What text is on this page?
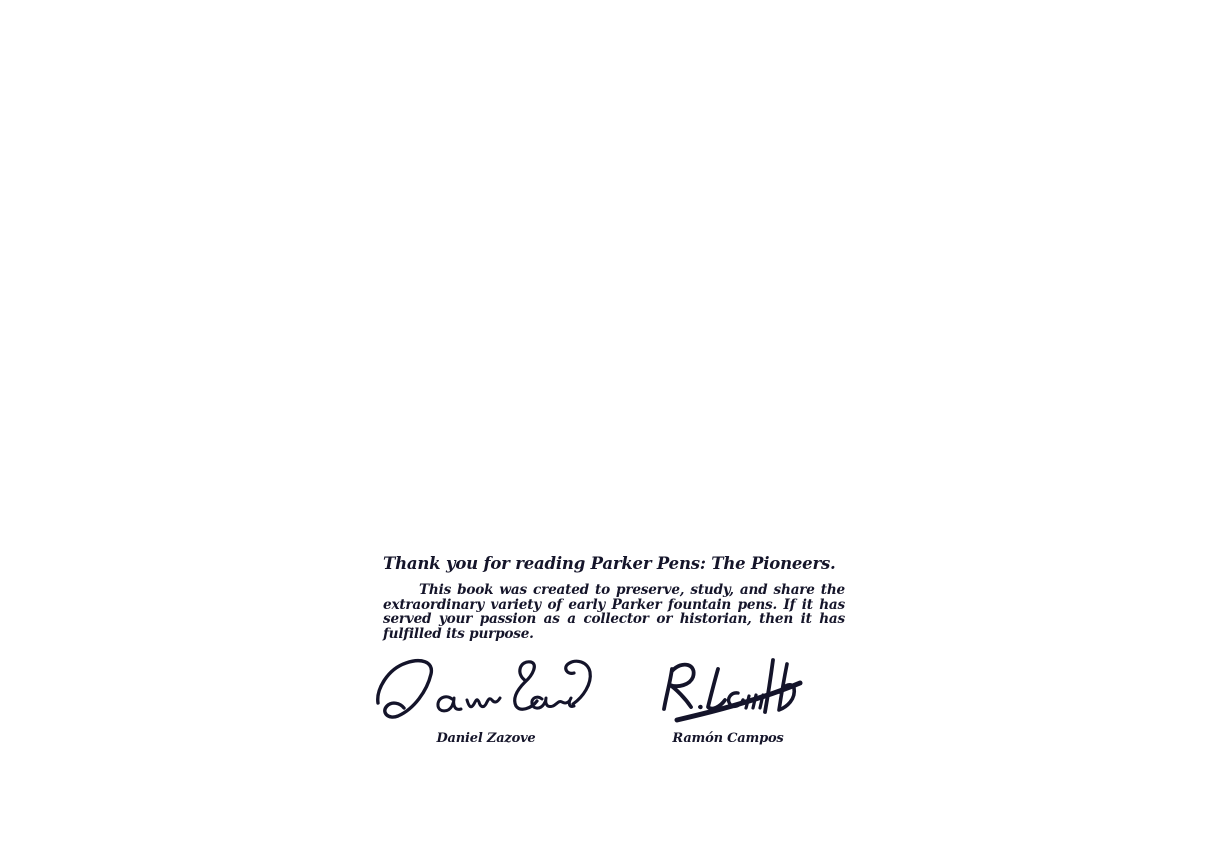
Thank you for reading Parker Pens: The Pioneers.
This book was created to preserve, study, and share the extraordinary variety of early Parker fountain pens. If it has served your passion as a collector or historian, then it has fulfilled its purpose.
Daniel Zazove	Ramón Campos
